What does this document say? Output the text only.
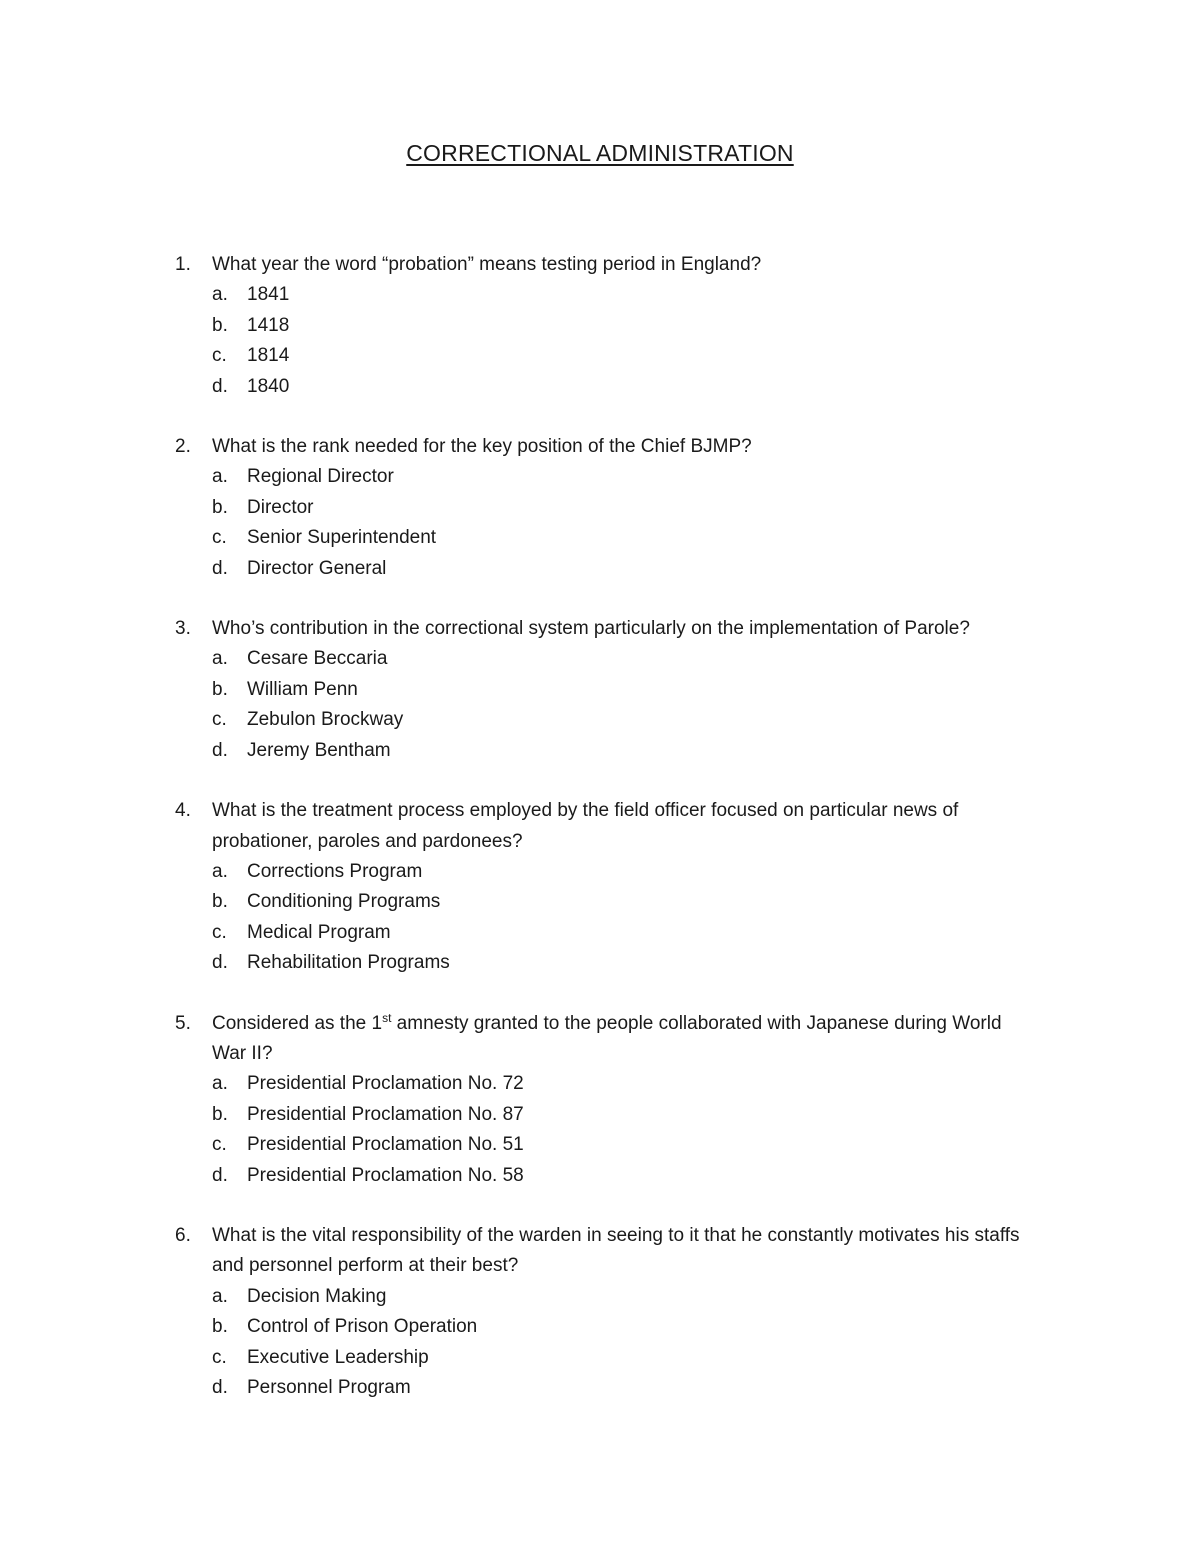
CORRECTIONAL ADMINISTRATION
1. What year the word “probation” means testing period in England?
a. 1841
b. 1418
c. 1814
d. 1840
2. What is the rank needed for the key position of the Chief BJMP?
a. Regional Director
b. Director
c. Senior Superintendent
d. Director General
3. Who’s contribution in the correctional system particularly on the implementation of Parole?
a. Cesare Beccaria
b. William Penn
c. Zebulon Brockway
d. Jeremy Bentham
4. What is the treatment process employed by the field officer focused on particular news of probationer, paroles and pardonees?
a. Corrections Program
b. Conditioning Programs
c. Medical Program
d. Rehabilitation Programs
5. Considered as the 1st amnesty granted to the people collaborated with Japanese during World War II?
a. Presidential Proclamation No. 72
b. Presidential Proclamation No. 87
c. Presidential Proclamation No. 51
d. Presidential Proclamation No. 58
6. What is the vital responsibility of the warden in seeing to it that he constantly motivates his staffs and personnel perform at their best?
a. Decision Making
b. Control of Prison Operation
c. Executive Leadership
d. Personnel Program
